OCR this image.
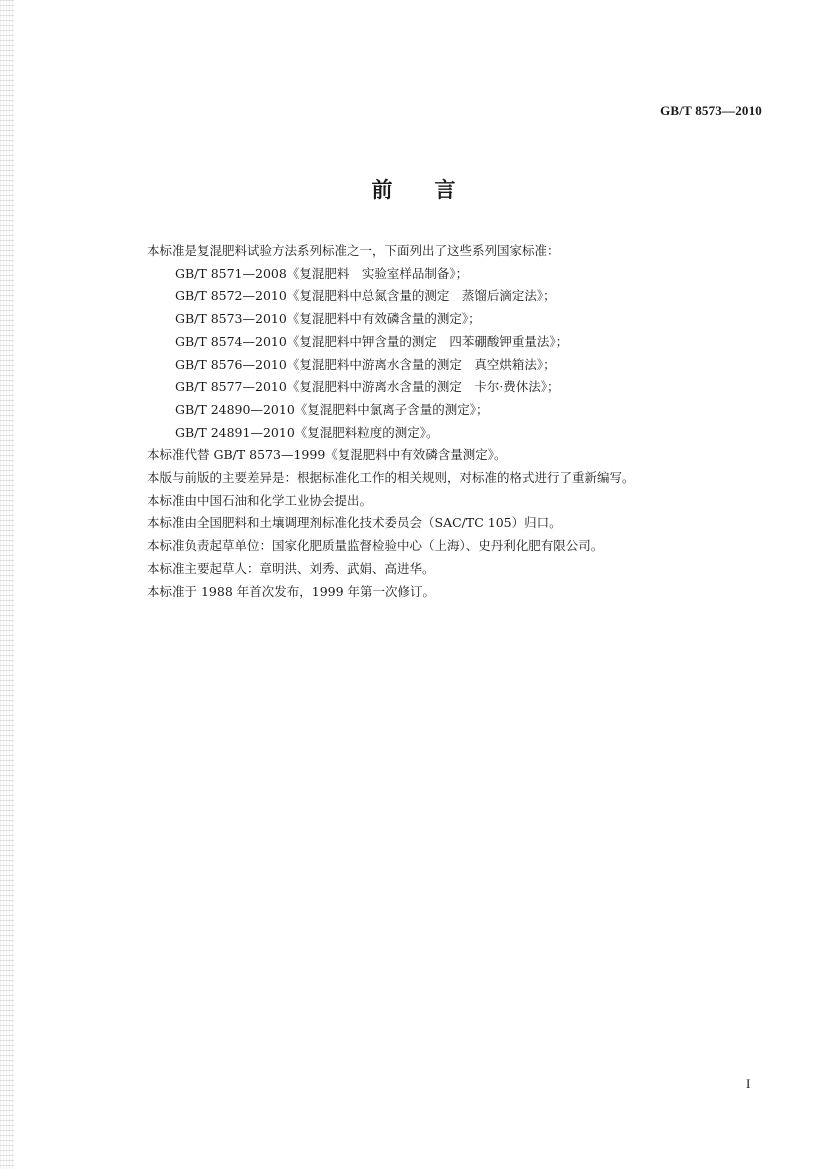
GB/T 8573—2010
前言
本标准是复混肥料试验方法系列标准之一，下面列出了这些系列国家标准：
GB/T 8571—2008《复混肥料　实验室样品制备》；
GB/T 8572—2010《复混肥料中总氮含量的测定　蒸馏后滴定法》；
GB/T 8573—2010《复混肥料中有效磷含量的测定》；
GB/T 8574—2010《复混肥料中钾含量的测定　四苯硼酸钾重量法》；
GB/T 8576—2010《复混肥料中游离水含量的测定　真空烘箱法》；
GB/T 8577—2010《复混肥料中游离水含量的测定　卡尔·费休法》；
GB/T 24890—2010《复混肥料中氯离子含量的测定》；
GB/T 24891—2010《复混肥料粒度的测定》。
本标准代替 GB/T 8573—1999《复混肥料中有效磷含量测定》。
本版与前版的主要差异是：根据标准化工作的相关规则，对标准的格式进行了重新编写。
本标准由中国石油和化学工业协会提出。
本标准由全国肥料和土壤调理剂标准化技术委员会（SAC/TC 105）归口。
本标准负责起草单位：国家化肥质量监督检验中心（上海）、史丹利化肥有限公司。
本标准主要起草人：章明洪、刘秀、武娟、高进华。
本标准于 1988 年首次发布，1999 年第一次修订。
I
